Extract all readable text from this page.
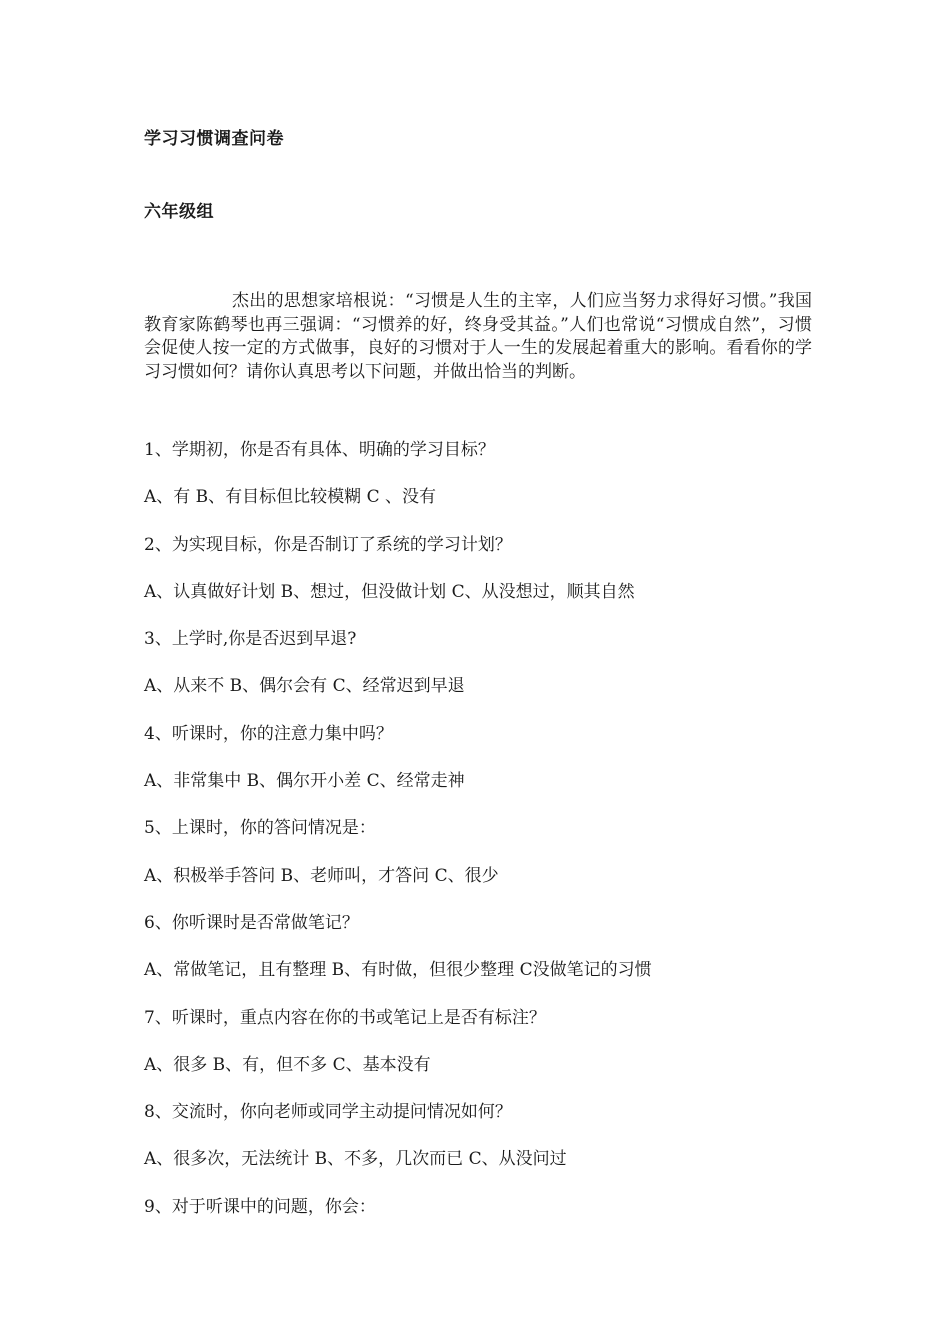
学习习惯调查问卷
六年级组

杰出的思想家培根说：“习惯是人生的主宰，人们应当努力求得好习惯。”我国教育家陈鹤琴也再三强调：“习惯养的好，终身受其益。”人们也常说“习惯成自然”，习惯会促使人按一定的方式做事，良好的习惯对于人一生的发展起着重大的影响。看看你的学习习惯如何？请你认真思考以下问题，并做出恰当的判断。

1、学期初，你是否有具体、明确的学习目标？
A、有 B、有目标但比较模糊 C 、没有
2、为实现目标，你是否制订了系统的学习计划？
A、认真做好计划 B、想过，但没做计划 C、从没想过，顺其自然
3、上学时,你是否迟到早退?
A、从来不 B、偶尔会有 C、经常迟到早退
4、听课时，你的注意力集中吗？
A、非常集中 B、偶尔开小差 C、经常走神
5、上课时，你的答问情况是：
A、积极举手答问 B、老师叫，才答问 C、很少
6、你听课时是否常做笔记？
A、常做笔记，且有整理 B、有时做，但很少整理 C没做笔记的习惯
7、听课时，重点内容在你的书或笔记上是否有标注？
A、很多 B、有，但不多 C、基本没有
8、交流时，你向老师或同学主动提问情况如何？
A、很多次，无法统计 B、不多，几次而已 C、从没问过
9、对于听课中的问题，你会：
